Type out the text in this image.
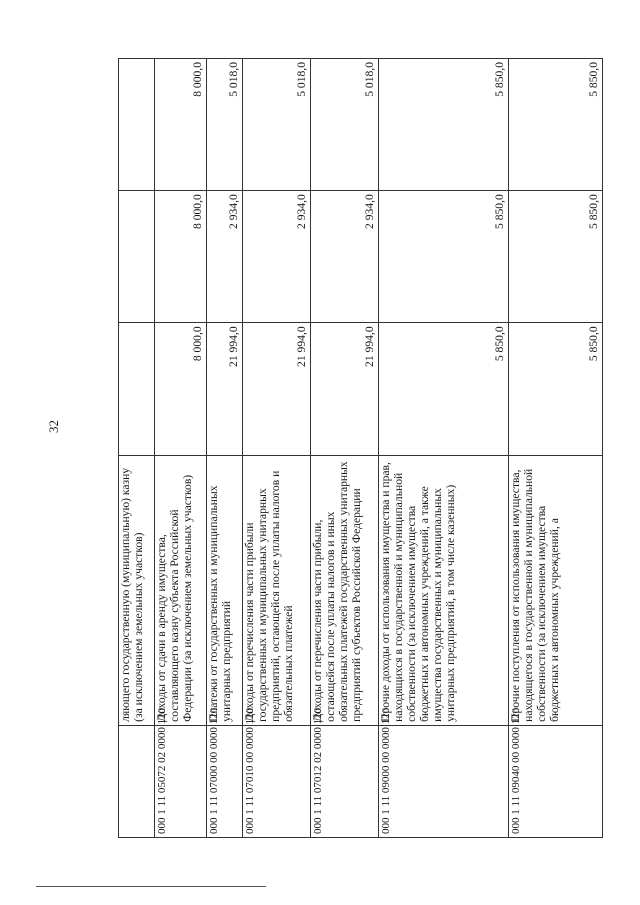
32
	ляющего государственную (муниципальную) казну (за исключением земельных участков)			
000 1 11 05072 02 0000 120	Доходы от сдачи в аренду имущества, составляющего казну субъекта Российской Федерации (за исключением земельных участков)	8 000,0	8 000,0	8 000,0
000 1 11 07000 00 0000 120	Платежи от государственных и муниципальных унитарных предприятий	21 994,0	2 934,0	5 018,0
000 1 11 07010 00 0000 120	Доходы от перечисления части прибыли государственных и муниципальных унитарных предприятий, остающейся после уплаты налогов и обязательных платежей	21 994,0	2 934,0	5 018,0
000 1 11 07012 02 0000 120	Доходы от перечисления части прибыли, остающейся после уплаты налогов и иных обязательных платежей государственных унитарных предприятий субъектов Российской Федерации	21 994,0	2 934,0	5 018,0
000 1 11 09000 00 0000 120	Прочие доходы от использования имущества и прав, находящихся в государственной и муниципальной собственности (за исключением имущества бюджетных и автономных учреждений, а также имущества государственных и муниципальных унитарных предприятий, в том числе казенных)	5 850,0	5 850,0	5 850,0
000 1 11 09040 00 0000 120	Прочие поступления от использования имущества, находящегося в государственной и муниципальной собственности (за исключением имущества бюджетных и автономных учреждений, а	5 850,0	5 850,0	5 850,0
